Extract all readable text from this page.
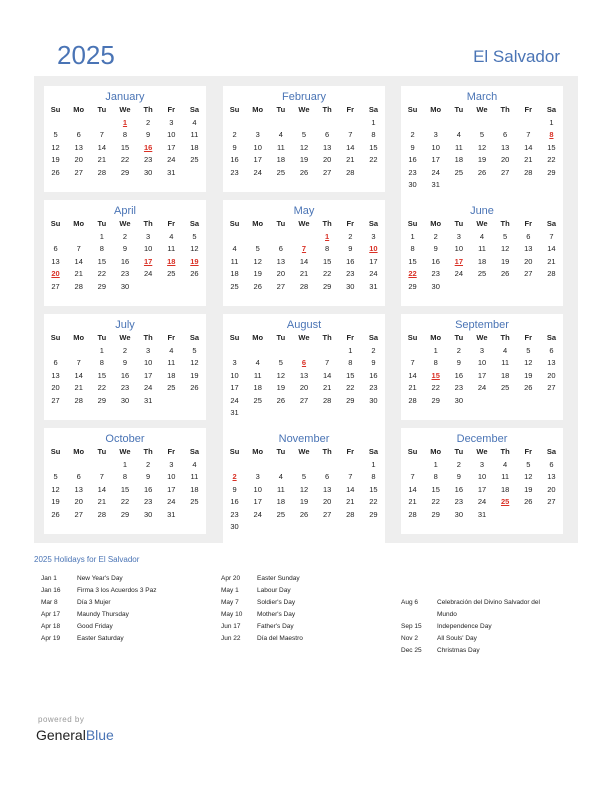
2025	El Salvador
January
Su	Mo	Tu	We	Th	Fr	Sa
			1	2	3	4
5	6	7	8	9	10	11
12	13	14	15	16	17	18
19	20	21	22	23	24	25
26	27	28	29	30	31	
February
Su	Mo	Tu	We	Th	Fr	Sa
						1
2	3	4	5	6	7	8
9	10	11	12	13	14	15
16	17	18	19	20	21	22
23	24	25	26	27	28	
March
Su	Mo	Tu	We	Th	Fr	Sa
						1
2	3	4	5	6	7	8
9	10	11	12	13	14	15
16	17	18	19	20	21	22
23	24	25	26	27	28	29
30	31					
April
Su	Mo	Tu	We	Th	Fr	Sa
		1	2	3	4	5
6	7	8	9	10	11	12
13	14	15	16	17	18	19
20	21	22	23	24	25	26
27	28	29	30			
May
Su	Mo	Tu	We	Th	Fr	Sa
				1	2	3
4	5	6	7	8	9	10
11	12	13	14	15	16	17
18	19	20	21	22	23	24
25	26	27	28	29	30	31
June
Su	Mo	Tu	We	Th	Fr	Sa
1	2	3	4	5	6	7
8	9	10	11	12	13	14
15	16	17	18	19	20	21
22	23	24	25	26	27	28
29	30					
July
Su	Mo	Tu	We	Th	Fr	Sa
		1	2	3	4	5
6	7	8	9	10	11	12
13	14	15	16	17	18	19
20	21	22	23	24	25	26
27	28	29	30	31		
August
Su	Mo	Tu	We	Th	Fr	Sa
					1	2
3	4	5	6	7	8	9
10	11	12	13	14	15	16
17	18	19	20	21	22	23
24	25	26	27	28	29	30
31						
September
Su	Mo	Tu	We	Th	Fr	Sa
	1	2	3	4	5	6
7	8	9	10	11	12	13
14	15	16	17	18	19	20
21	22	23	24	25	26	27
28	29	30				
October
Su	Mo	Tu	We	Th	Fr	Sa
			1	2	3	4
5	6	7	8	9	10	11
12	13	14	15	16	17	18
19	20	21	22	23	24	25
26	27	28	29	30	31	
November
Su	Mo	Tu	We	Th	Fr	Sa
						1
2	3	4	5	6	7	8
9	10	11	12	13	14	15
16	17	18	19	20	21	22
23	24	25	26	27	28	29
30						
December
Su	Mo	Tu	We	Th	Fr	Sa
	1	2	3	4	5	6
7	8	9	10	11	12	13
14	15	16	17	18	19	20
21	22	23	24	25	26	27
28	29	30	31			
2025 Holidays for El Salvador
Jan 1	New Year's Day
Jan 16	Firma 3 los Acuerdos 3 Paz
Mar 8	Día 3 Mujer
Apr 17	Maundy Thursday
Apr 18	Good Friday
Apr 19	Easter Saturday
Apr 20	Easter Sunday
May 1	Labour Day
May 7	Soldier's Day
May 10 Mother's Day
Jun 17	Father's Day
Jun 22	Día del Maestro
Aug 6	Celebración del Divino Salvador del
Mundo
Sep 15 Independence Day
Nov 2	All Souls' Day
Dec 25 Christmas Day
powered by
GeneralBlue
